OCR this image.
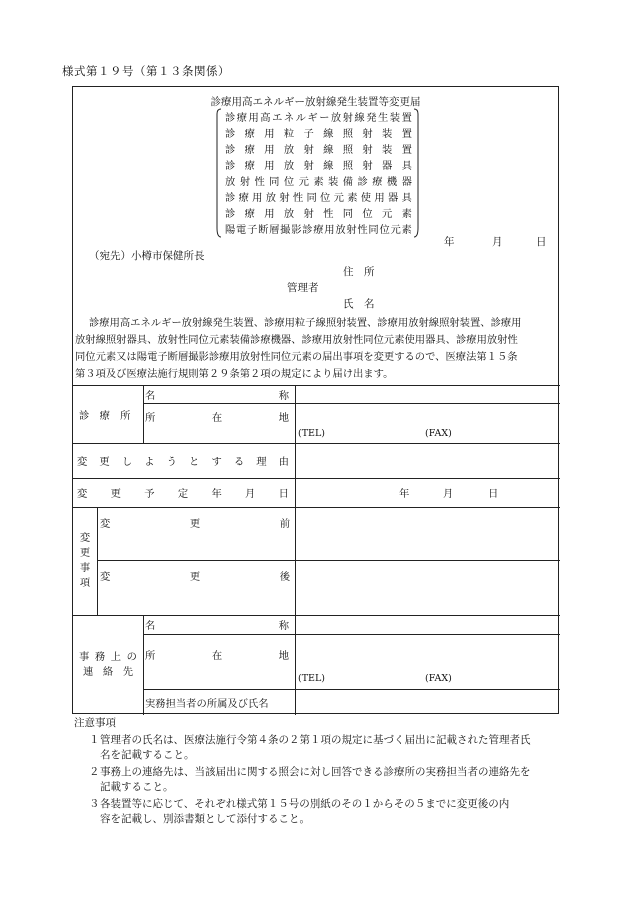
様式第１９号（第１３条関係）
診療用高エネルギー放射線発生装置等変更届
診 療 用 高 エ ネ ル ギ ー 放 射 線 発 生 装 置
診 療 用 粒 子 線 照 射 装 置
診 療 用 放 射 線 照 射 装 置
診 療 用 放 射 線 照 射 器 具
放 射 性 同 位 元 素 装 備 診 療 機 器
診 療 用 放 射 性 同 位 元 素 使 用 器 具
診 療 用 放 射 性 同 位 元 素
陽 電 子 断 層 撮 影 診 療 用 放 射 性 同 位 元 素
年	月	日
（宛先）小樽市保健所長
住　所
管理者
氏　名
診療用高エネルギー放射線発生装置、診療用粒子線照射装置、診療用放射線照射装置、診療用
放射線照射器具、放射性同位元素装備診療機器、診療用放射性同位元素使用器具、診療用放射性
同位元素又は陽電子断層撮影診療用放射性同位元素の届出事項を変更するので、医療法第１５条
第３項及び医療法施行規則第２９条第２項の規定により届け出ます。
診　療　所
名	称
所	在	地
(TEL)	(FAX)
変 更 し よ う と す る 理 由
変 更 予 定 年 月 日	年	月	日
変
更
事
項
変	更	前
変	更	後
事 務 上 の
連 絡 先
名	称
所	在	地
(TEL)	(FAX)
実務担当者の所属及び氏名
注意事項
１ 管理者の氏名は、医療法施行令第４条の２第１項の規定に基づく届出に記載された管理者氏
名を記載すること。
２ 事務上の連絡先は、当該届出に関する照会に対し回答できる診療所の実務担当者の連絡先を
記載すること。
３ 各装置等に応じて、それぞれ様式第１５号の別紙のその１からその５までに変更後の内
容を記載し、別添書類として添付すること。
